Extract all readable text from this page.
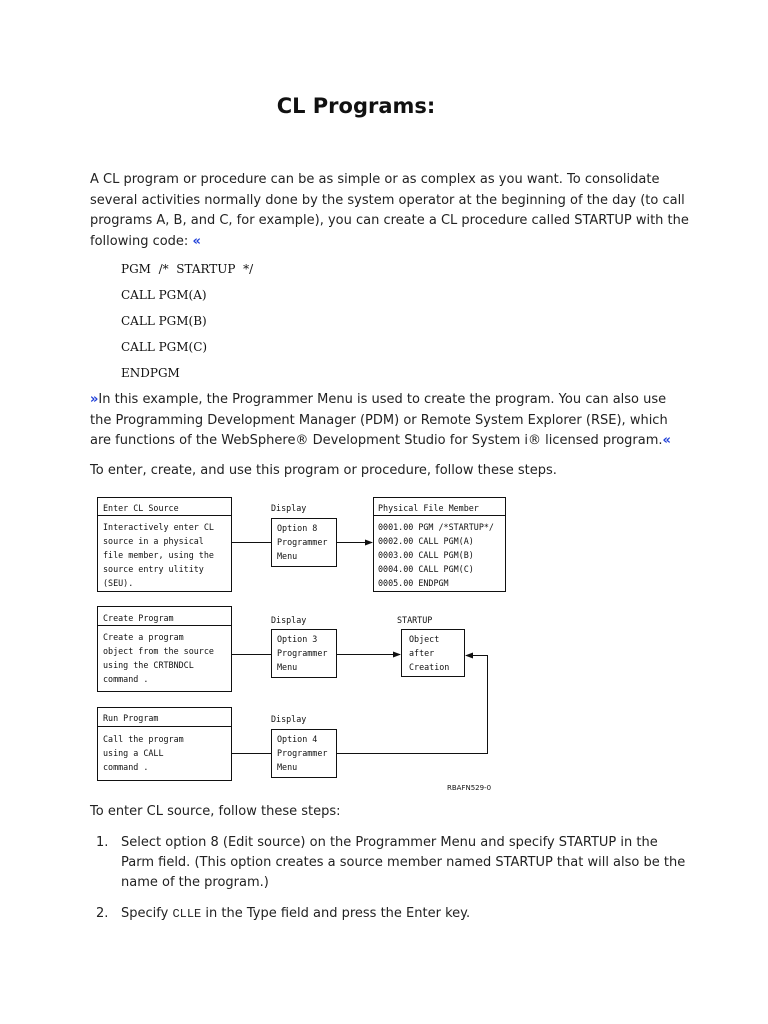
CL Programs:
A CL program or procedure can be as simple or as complex as you want. To consolidate several activities normally done by the system operator at the beginning of the day (to call programs A, B, and C, for example), you can create a CL procedure called STARTUP with the following code: «
PGM  /*  STARTUP  */
CALL PGM(A)
CALL PGM(B)
CALL PGM(C)
ENDPGM
»In this example, the Programmer Menu is used to create the program. You can also use the Programming Development Manager (PDM) or Remote System Explorer (RSE), which are functions of the WebSphere® Development Studio for System i® licensed program.«
To enter, create, and use this program or procedure, follow these steps.
Enter CL Source
Interactively enter CL
source in a physical
file member, using the
source entry ulitity
(SEU).
Create Program
Create a program
object from the source
using the CRTBNDCL
command .
Run Program
Call the program
using a CALL
command .
Display
Display
Display
Option 8
Programmer
Menu
Option 3
Programmer
Menu
Option 4
Programmer
Menu
Physical File Member
0001.00 PGM /*STARTUP*/
0002.00 CALL PGM(A)
0003.00 CALL PGM(B)
0004.00 CALL PGM(C)
0005.00 ENDPGM
STARTUP
Object
after
Creation
RBAFN529-0
To enter CL source, follow these steps:
1. Select option 8 (Edit source) on the Programmer Menu and specify STARTUP in the Parm field. (This option creates a source member named STARTUP that will also be the name of the program.)
2. Specify CLLE in the Type field and press the Enter key.
